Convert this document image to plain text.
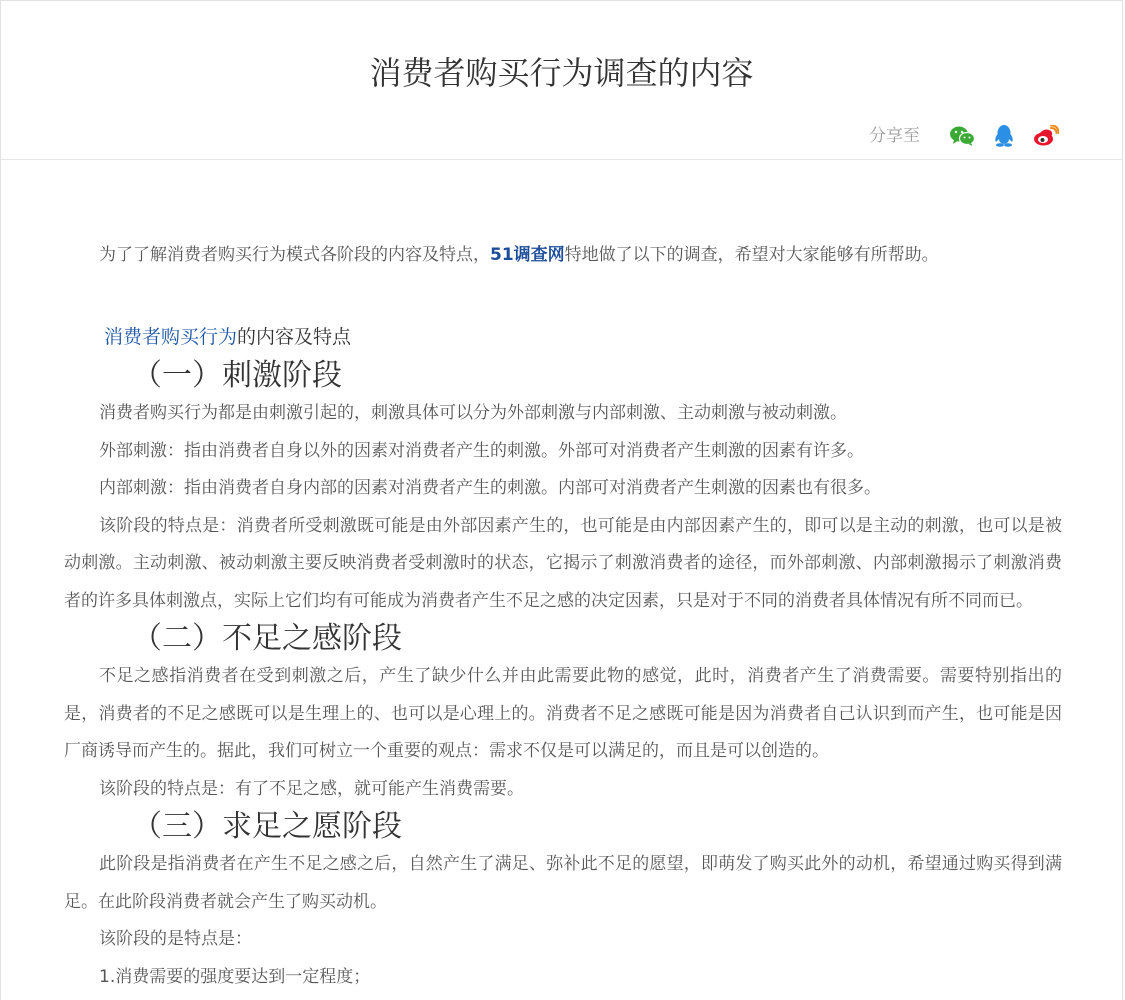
消费者购买行为调查的内容
分享至
为了了解消费者购买行为模式各阶段的内容及特点，51调查网特地做了以下的调查，希望对大家能够有所帮助。
消费者购买行为的内容及特点
（一）刺激阶段

消费者购买行为都是由刺激引起的，刺激具体可以分为外部刺激与内部刺激、主动刺激与被动刺激。

外部刺激：指由消费者自身以外的因素对消费者产生的刺激。外部可对消费者产生刺激的因素有许多。

内部刺激：指由消费者自身内部的因素对消费者产生的刺激。内部可对消费者产生刺激的因素也有很多。

该阶段的特点是：消费者所受刺激既可能是由外部因素产生的，也可能是由内部因素产生的，即可以是主动的刺激，也可以是被动刺激。主动刺激、被动刺激主要反映消费者受刺激时的状态，它揭示了刺激消费者的途径，而外部刺激、内部刺激揭示了刺激消费者的许多具体刺激点，实际上它们均有可能成为消费者产生不足之感的决定因素，只是对于不同的消费者具体情况有所不同而已。

（二）不足之感阶段

不足之感指消费者在受到刺激之后，产生了缺少什么并由此需要此物的感觉，此时，消费者产生了消费需要。需要特别指出的是，消费者的不足之感既可以是生理上的、也可以是心理上的。消费者不足之感既可能是因为消费者自己认识到而产生，也可能是因厂商诱导而产生的。据此，我们可树立一个重要的观点：需求不仅是可以满足的，而且是可以创造的。

该阶段的特点是：有了不足之感，就可能产生消费需要。

（三）求足之愿阶段

此阶段是指消费者在产生不足之感之后，自然产生了满足、弥补此不足的愿望，即萌发了购买此外的动机，希望通过购买得到满足。在此阶段消费者就会产生了购买动机。

该阶段的是特点是：

1.消费需要的强度要达到一定程度；
